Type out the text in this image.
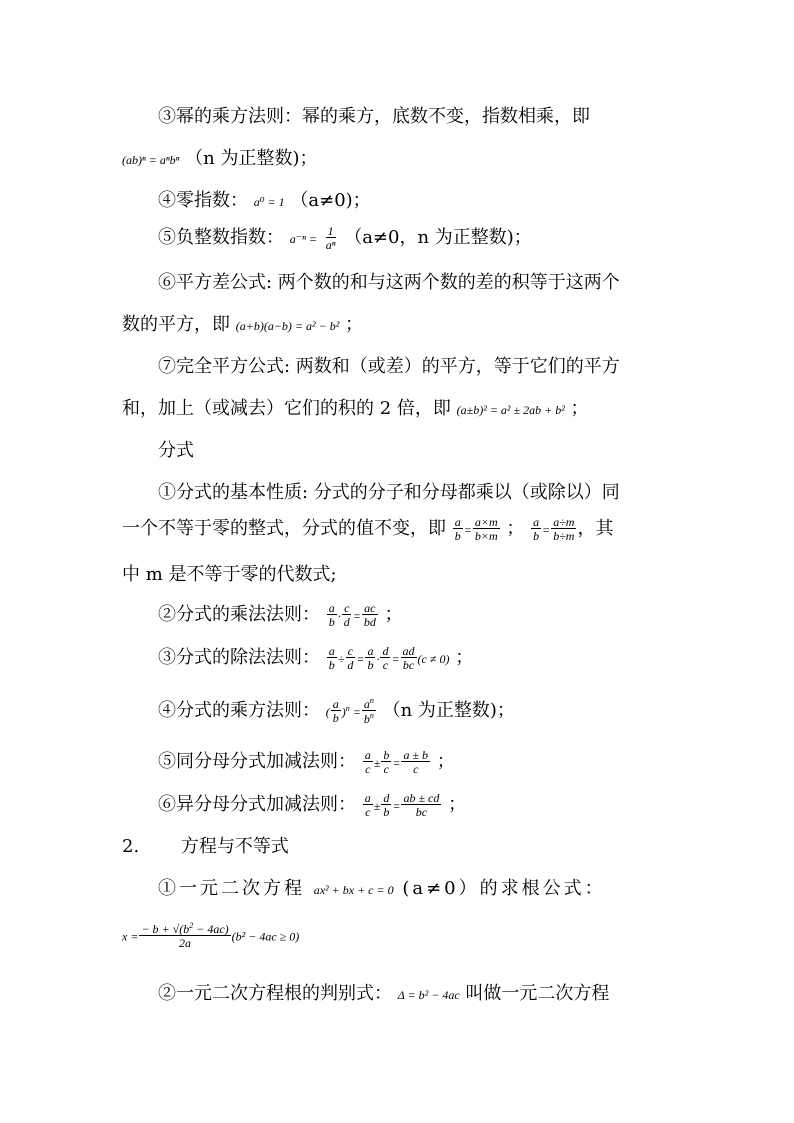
③幂的乘方法则：幂的乘方，底数不变，指数相乘，即
(ab)ⁿ = aⁿbⁿ （n 为正整数)；
④零指数： a⁰ = 1 （a≠0)；
⑤负整数指数： $a^{-n} = \frac{1}{\text{aⁿ}} (a\ne 0$，n 为正整数)；
⑥平方差公式: 两个数的和与这两个数的差的积等于这两个
数的平方，即 (a+b)(a−b) = a² − b² ；
⑦完全平方公式: 两数和（或差）的平方，等于它们的平方
和，加上（或减去）它们的积的 2 倍，即 (a±b)² = a² ± 2ab + b² ；
分式
①分式的基本性质: 分式的分子和分母都乘以（或除以）同
一个不等于零的整式，分式的值不变，即 $\frac{a}{b} = \frac{a\times m}{b\times m}$ ； $\frac{a}{b} = \frac{a\div m}{b\div m}$ ，其
中 m 是不等于零的代数式;
②分式的乘法法则： $\frac{a}{b} \cdot \frac{c}{d} = \frac{ac}{bd}$ ；
③分式的除法法则： $\frac{a}{b} \div \frac{c}{d} = \frac{a}{b} \cdot \frac{d}{c} = \frac{ad}{bc} (c \ne 0)$ ；
④分式的乘方法则： ( $\frac{a}{b} )^n = \frac{a^n}{b^n} (n$ 为正整数)；
⑤同分母分式加减法则： $\frac{a}{c} \pm \frac{b}{c} = \frac{a \pm b}{c}$ ；
⑥异分母分式加减法则： $\frac{a}{c} \pm \frac{d}{b} = \frac{ab \pm cd}{bc}$ ；
2. 方程与不等式
①一元二次方程 ax² + bx + c = 0 (a≠0）的求根公式：
$x = \frac{- b + √(b^2 - 4ac)}{2a} (b^2 - 4ac \ge 0)$
②一元二次方程根的判别式： Δ = b² − 4ac 叫做一元二次方程
